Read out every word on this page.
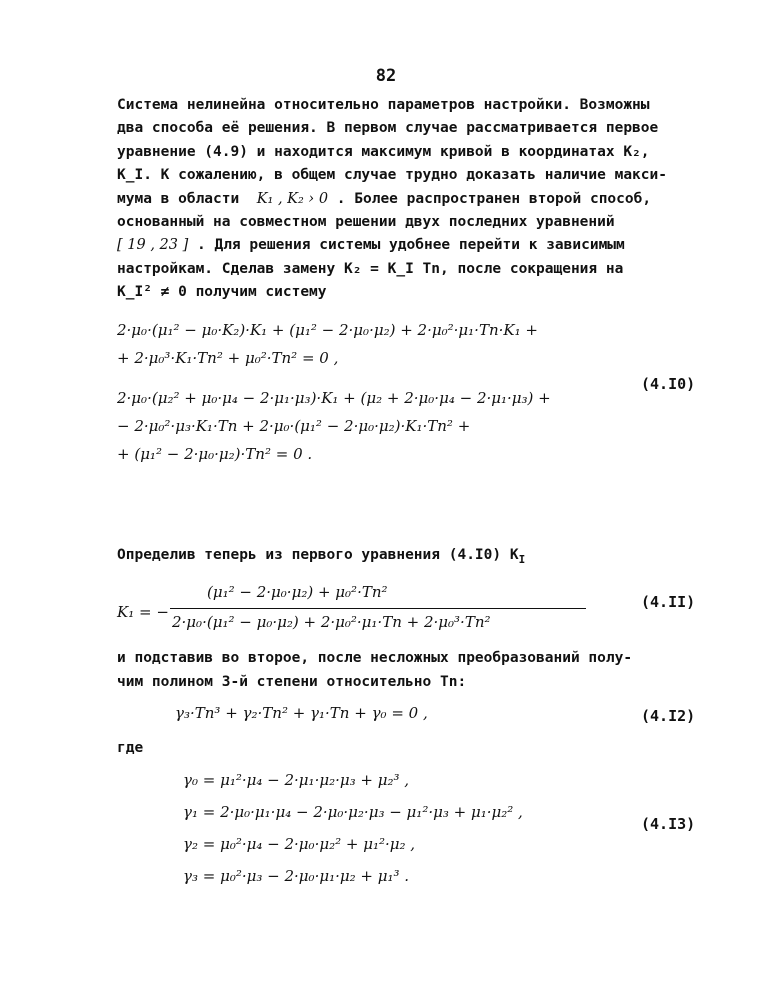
82
Система нелинейна относительно параметров настройки. Возможны
два способа её решения. В первом случае рассматривается первое
уравнение (4.9) и находится максимум кривой в координатах K₂,
K_I. К сожалению, в общем случае трудно доказать наличие макси-
мума в области K₁ , K₂ › 0 . Более распространен второй способ,
основанный на совместном решении двух последних уравнений
[ 19 , 23 ] . Для решения системы удобнее перейти к зависимым
настройкам. Сделав замену K₂ = K_I Tn, после сокращения на
K_I² ≠ 0 получим систему
2·μ₀·(μ₁² − μ₀·K₂)·K₁ + (μ₁² − 2·μ₀·μ₂) + 2·μ₀²·μ₁·Tn·K₁ +
+ 2·μ₀³·K₁·Tn² + μ₀²·Tn² = 0 ,
2·μ₀·(μ₂² + μ₀·μ₄ − 2·μ₁·μ₃)·K₁ + (μ₂ + 2·μ₀·μ₄ − 2·μ₁·μ₃) +
− 2·μ₀²·μ₃·K₁·Tn + 2·μ₀·(μ₁² − 2·μ₀·μ₂)·K₁·Tn² +
+ (μ₁² − 2·μ₀·μ₂)·Tn² = 0 .
(4.I0)
Определив теперь из первого уравнения (4.I0) $K_I$
K₁ = −
(μ₁² − 2·μ₀·μ₂) + μ₀²·Tn²
2·μ₀·(μ₁² − μ₀·μ₂) + 2·μ₀²·μ₁·Tn + 2·μ₀³·Tn²
(4.II)
и подставив во второе, после несложных преобразований полу-
чим полином 3-й степени относительно Tn:
γ₃·Tn³ + γ₂·Tn² + γ₁·Tn + γ₀ = 0 ,	(4.I2)
где
γ₀ = μ₁²·μ₄ − 2·μ₁·μ₂·μ₃ + μ₂³ ,
γ₁ = 2·μ₀·μ₁·μ₄ − 2·μ₀·μ₂·μ₃ − μ₁²·μ₃ + μ₁·μ₂² ,
γ₂ = μ₀²·μ₄ − 2·μ₀·μ₂² + μ₁²·μ₂ ,
γ₃ = μ₀²·μ₃ − 2·μ₀·μ₁·μ₂ + μ₁³ .
(4.I3)
